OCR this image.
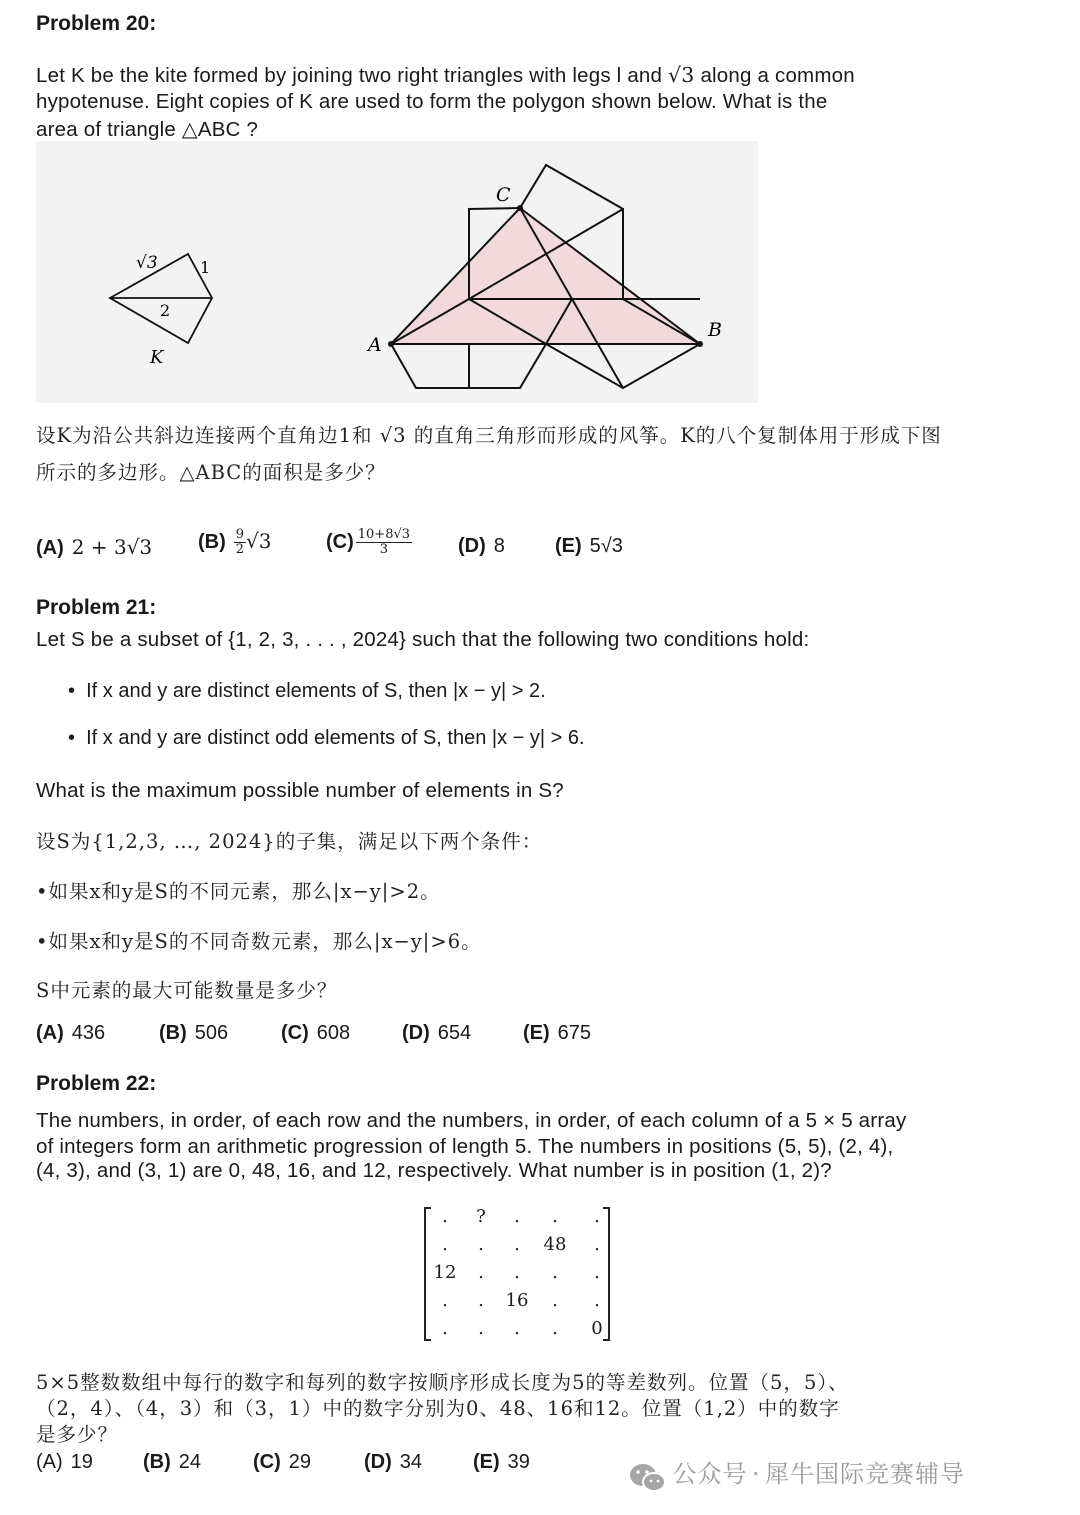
Problem 20:
Let K be the kite formed by joining two right triangles with legs l and √3 along a common
hypotenuse. Eight copies of K are used to form the polygon shown below. What is the
area of triangle △ABC ?
√3	1
2
K
A
B
C
设K为沿公共斜边连接两个直角边1和 √3 的直角三角形而形成的风筝。K的八个复制体用于形成下图
所示的多边形。△ABC的面积是多少？
(A) 2 + 3√3 $(B) \frac{9}{2} √3$	$(C) \frac{10+8√3}{3} (D)$ 8	(E) 5√3
Problem 21:
Let S be a subset of {1, 2, 3, . . . , 2024} such that the following two conditions hold:
•  If x and y are distinct elements of S, then |x − y| > 2.
•  If x and y are distinct odd elements of S, then |x − y| > 6.
What is the maximum possible number of elements in S?
设S为{1,2,3, …, 2024}的子集，满足以下两个条件：
•如果x和y是S的不同元素，那么|x−y|>2。
•如果x和y是S的不同奇数元素，那么|x−y|>6。
S中元素的最大可能数量是多少？
(A) 436	(B) 506	(C) 608	(D) 654	(E) 675
Problem 22:
The numbers, in order, of each row and the numbers, in order, of each column of a 5 × 5 array
of integers form an arithmetic progression of length 5. The numbers in positions (5, 5), (2, 4),
(4, 3), and (3, 1) are 0, 48, 16, and 12, respectively. What number is in position (1, 2)?
.	?	.	.	.
.	.	.	48	.
12	.	.	.	.
.	.	16	.	.
.	.	.	.	0
5×5整数数组中每行的数字和每列的数字按顺序形成长度为5的等差数列。位置（5，5）、
（2，4）、（4，3）和（3，1）中的数字分别为0、48、16和12。位置（1,2）中的数字
是多少？
(A) 19	(B) 24	(C) 29	(D) 34	(E) 39	公众号 · 犀牛国际竞赛辅导
